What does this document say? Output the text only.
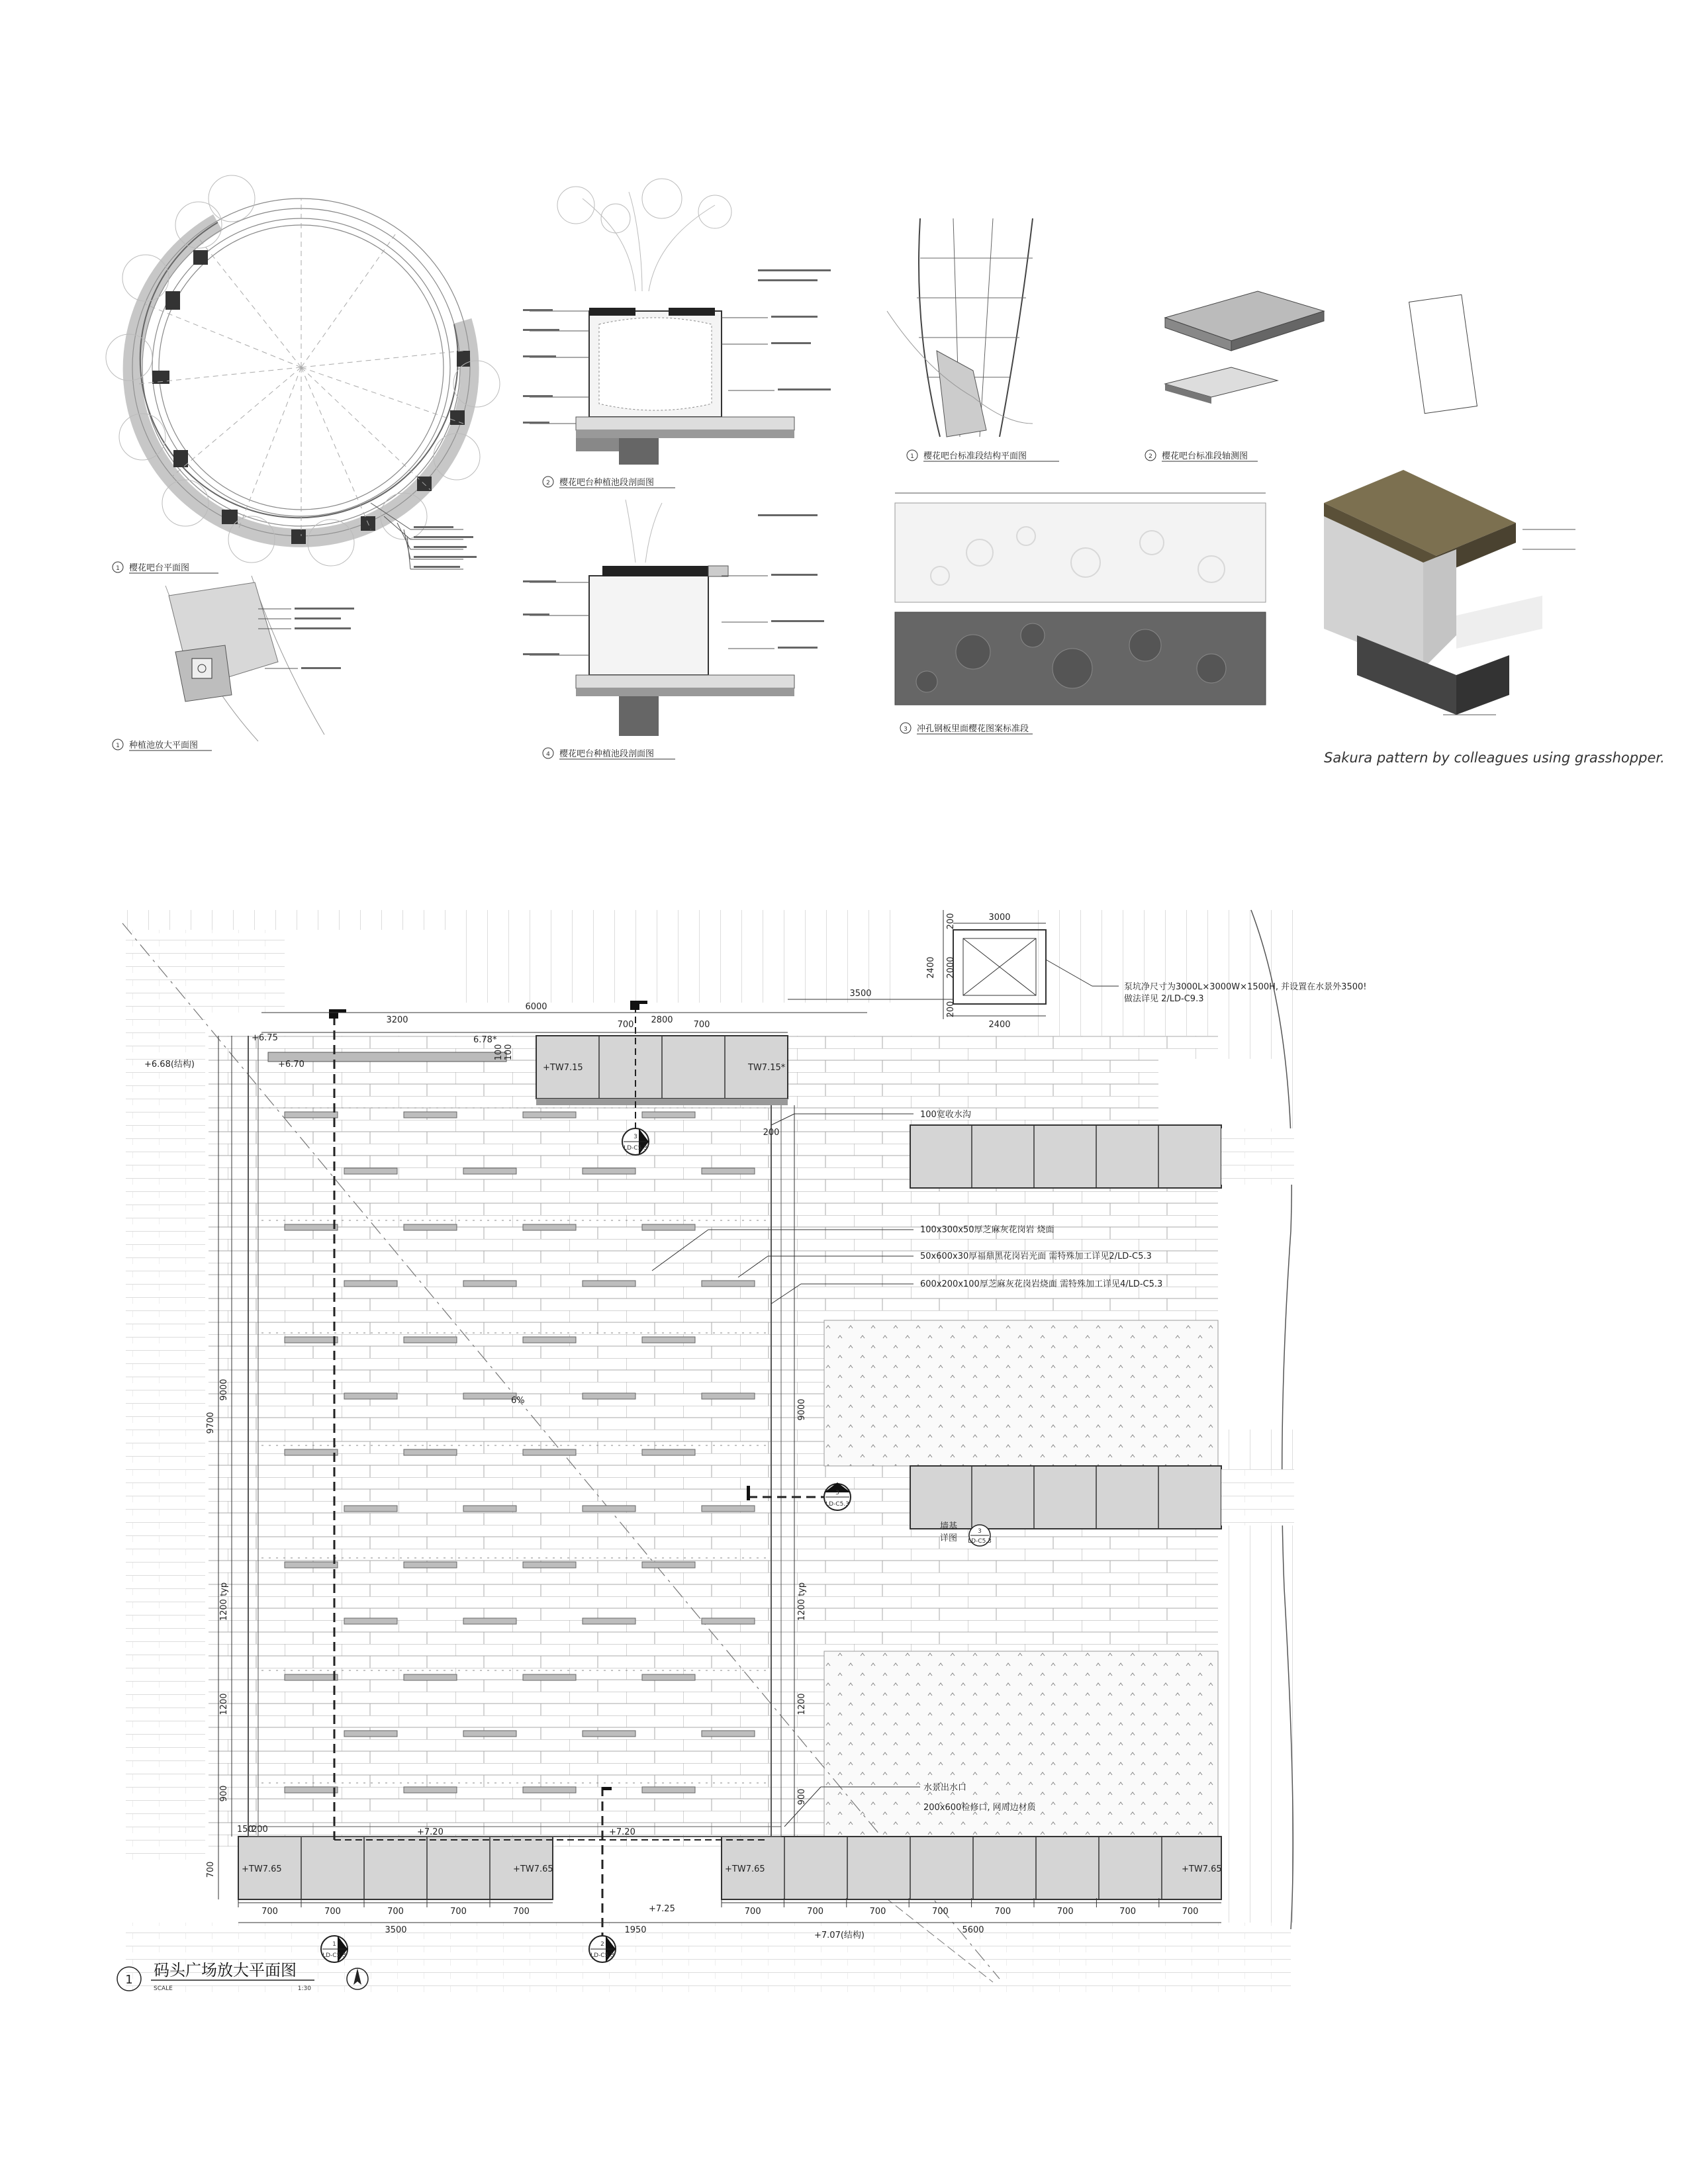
1 樱花吧台平面图
1 种植池放大平面图
2 樱花吧台种植池段剖面图
4 樱花吧台种植池段剖面图
1 樱花吧台标准段结构平面图	2 樱花吧台标准段轴测图
3 冲孔钢板里面樱花图案标准段
Sakura pattern by colleagues using grasshopper.
3000
2400
2400
200
2000
200
泵坑净尺寸为3000L×3000W×1500H, 并设置在水景外3500!
做法详见 2/LD-C9.3
100宽收水沟
100x300x50厚芝麻灰花岗岩 烧面
50x600x30厚福鼎黑花岗岩光面 需特殊加工详见2/LD-C5.3
600x200x100厚芝麻灰花岗岩烧面 需特殊加工详见4/LD-C5.3
墙基
详图
水景出水口
200x600检修口, 网周边材质
+6.75
+6.70
+6.68(结构)
6.78*
+TW7.15	TW7.15*
+7.20	+7.20
+7.25
+7.07(结构)
+TW7.65	+TW7.65	+TW7.65	+TW7.65
6%
6000
3200	2800
3500
700	700
200
9700
9000
1200 typ
1200
900
700
100 100
150
200
9000
1200 typ
1200
900
700	700	700	700	700	700	700	700	700	700	700	700	700
3500	1950	5600
1
LD-C5.3
2
LD-C5.3
3
LD-C5.3
3
LD-C5.3
3
LD-C5.3
1
码头广场放大平面图
SCALE	1:30
